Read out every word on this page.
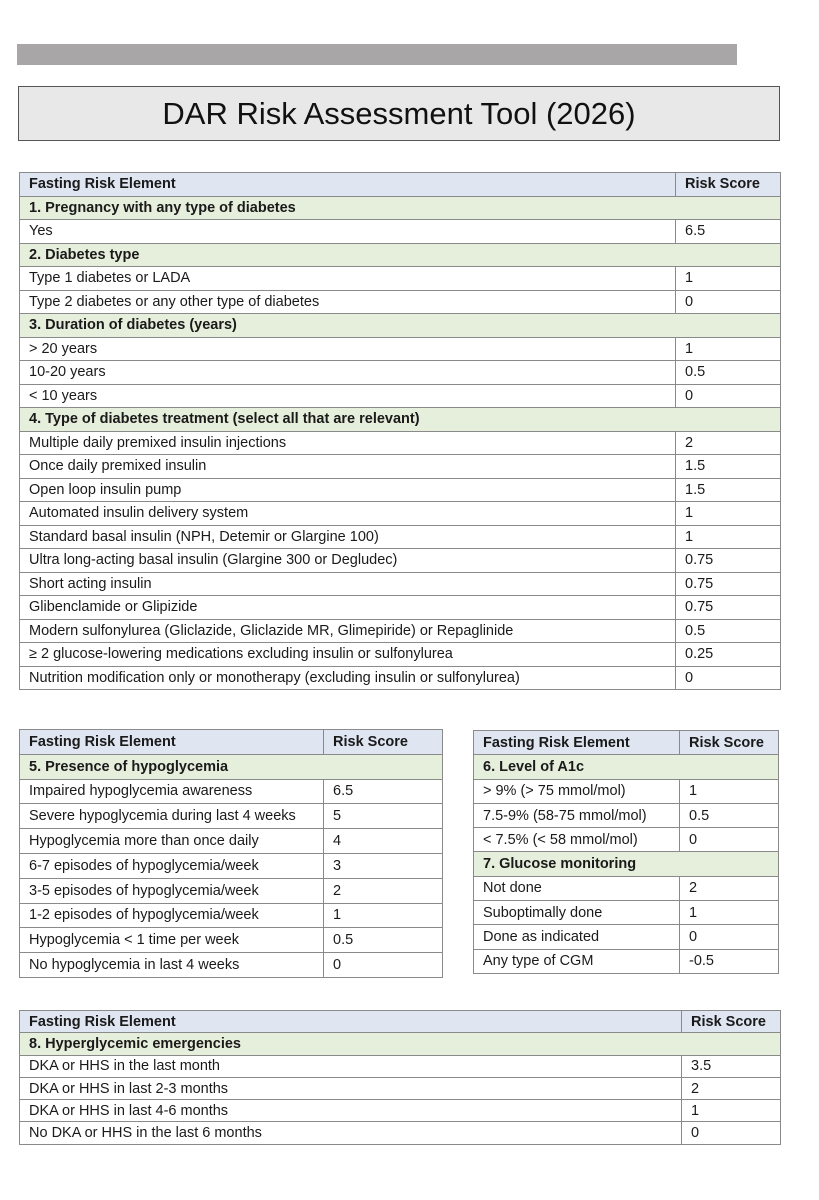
DAR Risk Assessment Tool (2026)
Fasting Risk Element	Risk Score
1. Pregnancy with any type of diabetes	
Yes	6.5
2. Diabetes type	
Type 1 diabetes or LADA	1
Type 2 diabetes or any other type of diabetes	0
3. Duration of diabetes (years)	
> 20 years	1
10-20 years	0.5
< 10 years	0
4. Type of diabetes treatment (select all that are relevant)	
Multiple daily premixed insulin injections	2
Once daily premixed insulin	1.5
Open loop insulin pump	1.5
Automated insulin delivery system	1
Standard basal insulin (NPH, Detemir or Glargine 100)	1
Ultra long-acting basal insulin (Glargine 300 or Degludec)	0.75
Short acting insulin	0.75
Glibenclamide or Glipizide	0.75
Modern sulfonylurea (Gliclazide, Gliclazide MR, Glimepiride) or Repaglinide	0.5
≥ 2 glucose-lowering medications excluding insulin or sulfonylurea	0.25
Nutrition modification only or monotherapy (excluding insulin or sulfonylurea)	0
Fasting Risk Element	Risk Score
5. Presence of hypoglycemia	
Impaired hypoglycemia awareness	6.5
Severe hypoglycemia during last 4 weeks	5
Hypoglycemia more than once daily	4
6-7 episodes of hypoglycemia/week	3
3-5 episodes of hypoglycemia/week	2
1-2 episodes of hypoglycemia/week	1
Hypoglycemia < 1 time per week	0.5
No hypoglycemia in last 4 weeks	0
Fasting Risk Element	Risk Score
6. Level of A1c	
> 9% (> 75 mmol/mol)	1
7.5-9% (58-75 mmol/mol)	0.5
< 7.5% (< 58 mmol/mol)	0
7. Glucose monitoring	
Not done	2
Suboptimally done	1
Done as indicated	0
Any type of CGM	-0.5
Fasting Risk Element	Risk Score
8. Hyperglycemic emergencies	
DKA or HHS in the last month	3.5
DKA or HHS in last 2-3 months	2
DKA or HHS in last 4-6 months	1
No DKA or HHS in the last 6 months	0
